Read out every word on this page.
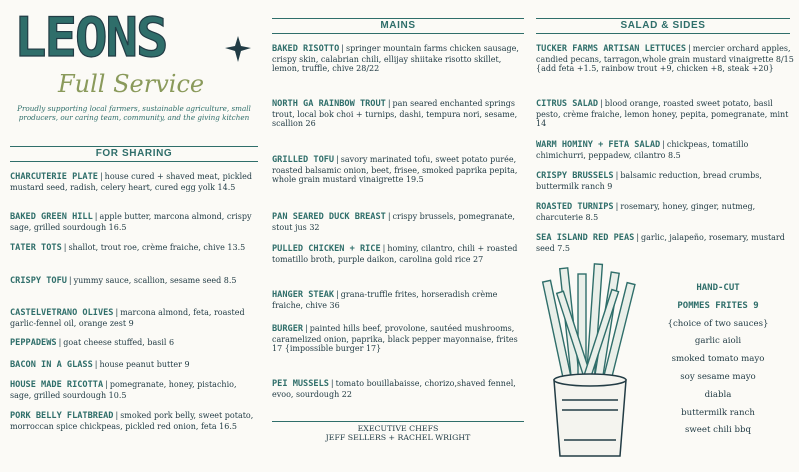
LEONS
Full Service
Proudly supporting local farmers, sustainable agriculture, small producers, our caring team, community, and the giving kitchen
FOR SHARING
MAINS	SALAD & SIDES
CHARCUTERIE PLATE | house cured + shaved meat, pickled mustard seed, radish, celery heart, cured egg yolk 14.5
BAKED GREEN HILL | apple butter, marcona almond, crispy sage, grilled sourdough 16.5
TATER TOTS | shallot, trout roe, crème fraiche, chive 13.5
CRISPY TOFU | yummy sauce, scallion, sesame seed 8.5
CASTELVETRANO OLIVES | marcona almond, feta, roasted garlic-fennel oil, orange zest 9
PEPPADEWS | goat cheese stuffed, basil 6
BACON IN A GLASS | house peanut butter 9
HOUSE MADE RICOTTA | pomegranate, honey, pistachio, sage, grilled sourdough 10.5
PORK BELLY FLATBREAD | smoked pork belly, sweet potato, morroccan spice chickpeas, pickled red onion, feta 16.5
BAKED RISOTTO | springer mountain farms chicken sausage, crispy skin, calabrian chili, ellijay shiitake risotto skillet, lemon, truffle, chive 28/22
NORTH GA RAINBOW TROUT | pan seared enchanted springs trout, local bok choi + turnips, dashi, tempura nori, sesame, scallion 26
GRILLED TOFU | savory marinated tofu, sweet potato purée, roasted balsamic onion, beet, frisee, smoked paprika pepita, whole grain mustard vinaigrette 19.5
PAN SEARED DUCK BREAST | crispy brussels, pomegranate, stout jus 32
PULLED CHICKEN + RICE | hominy, cilantro, chili + roasted tomatillo broth, purple daikon, carolina gold rice 27
HANGER STEAK | grana-truffle frites, horseradish crème fraiche, chive 36
BURGER | painted hills beef, provolone, sautéed mushrooms, caramelized onion, paprika, black pepper mayonnaise, frites 17 {impossible burger 17}
PEI MUSSELS | tomato bouillabaisse, chorizo,shaved fennel, evoo, sourdough 22
EXECUTIVE CHEFS
JEFF SELLERS + RACHEL WRIGHT
TUCKER FARMS ARTISAN LETTUCES | mercier orchard apples, candied pecans, tarragon,whole grain mustard vinaigrette 8/15 {add feta +1.5, rainbow trout +9, chicken +8, steak +20}
CITRUS SALAD | blood orange, roasted sweet potato, basil pesto, crème fraiche, lemon honey, pepita, pomegranate, mint 14
WARM HOMINY + FETA SALAD | chickpeas, tomatillo chimichurri, peppadew, cilantro 8.5
CRISPY BRUSSELS | balsamic reduction, bread crumbs, buttermilk ranch 9
ROASTED TURNIPS | rosemary, honey, ginger, nutmeg, charcuterie 8.5
SEA ISLAND RED PEAS | garlic, jalapeño, rosemary, mustard seed 7.5
HAND-CUT
POMMES FRITES 9
{choice of two sauces}
garlic aioli
smoked tomato mayo
soy sesame mayo
diabla
buttermilk ranch
sweet chili bbq
